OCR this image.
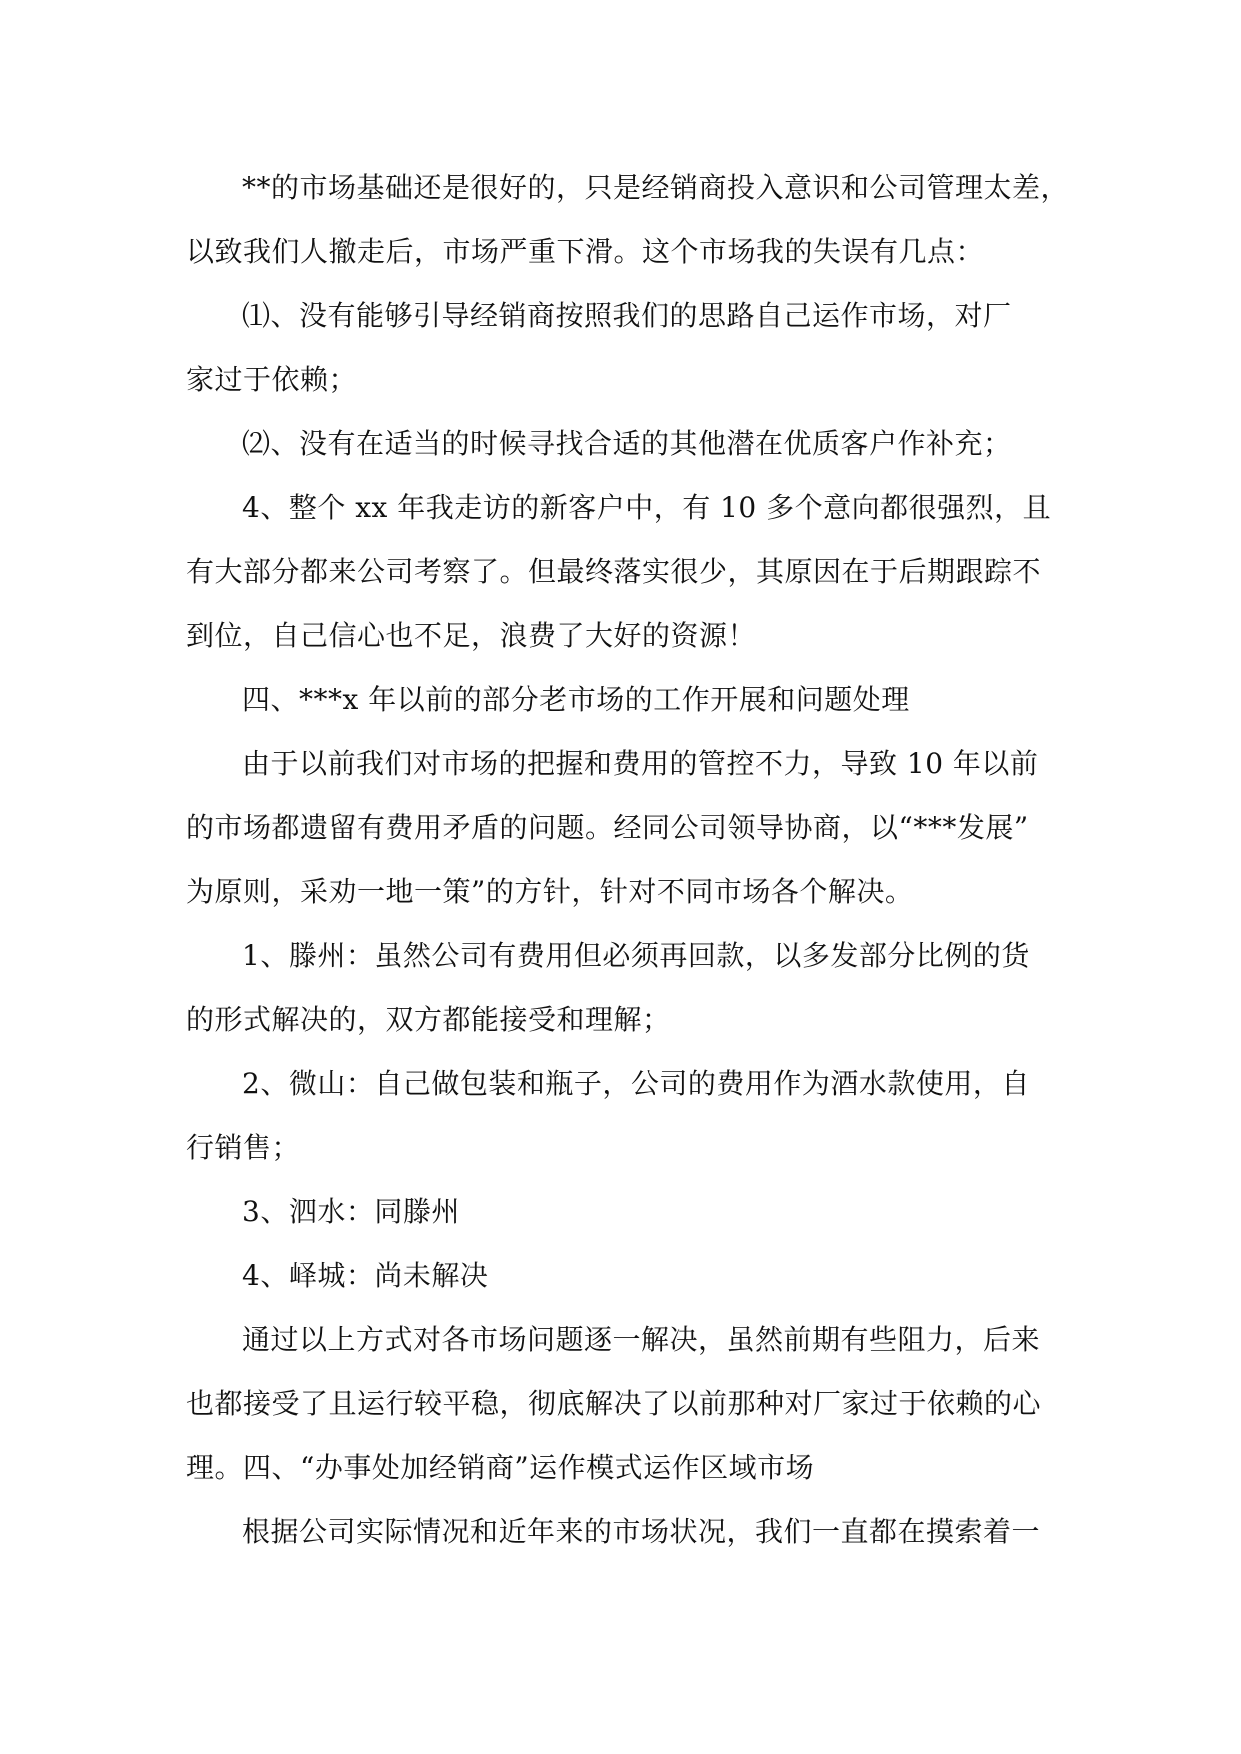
**的市场基础还是很好的，只是经销商投入意识和公司管理太差，
以致我们人撤走后，市场严重下滑。这个市场我的失误有几点：
⑴、没有能够引导经销商按照我们的思路自己运作市场，对厂
家过于依赖；
⑵、没有在适当的时候寻找合适的其他潜在优质客户作补充；
4、整个 xx 年我走访的新客户中，有 10 多个意向都很强烈，且
有大部分都来公司考察了。但最终落实很少，其原因在于后期跟踪不
到位，自己信心也不足，浪费了大好的资源！
四、***x 年以前的部分老市场的工作开展和问题处理
由于以前我们对市场的把握和费用的管控不力，导致 10 年以前
的市场都遗留有费用矛盾的问题。经同公司领导协商，以“***发展”
为原则，采劝一地一策”的方针，针对不同市场各个解决。
1、滕州：虽然公司有费用但必须再回款，以多发部分比例的货
的形式解决的，双方都能接受和理解；
2、微山：自己做包装和瓶子，公司的费用作为酒水款使用，自
行销售；
3、泗水：同滕州
4、峄城：尚未解决
通过以上方式对各市场问题逐一解决，虽然前期有些阻力，后来
也都接受了且运行较平稳，彻底解决了以前那种对厂家过于依赖的心
理。四、“办事处加经销商”运作模式运作区域市场
根据公司实际情况和近年来的市场状况，我们一直都在摸索着一
